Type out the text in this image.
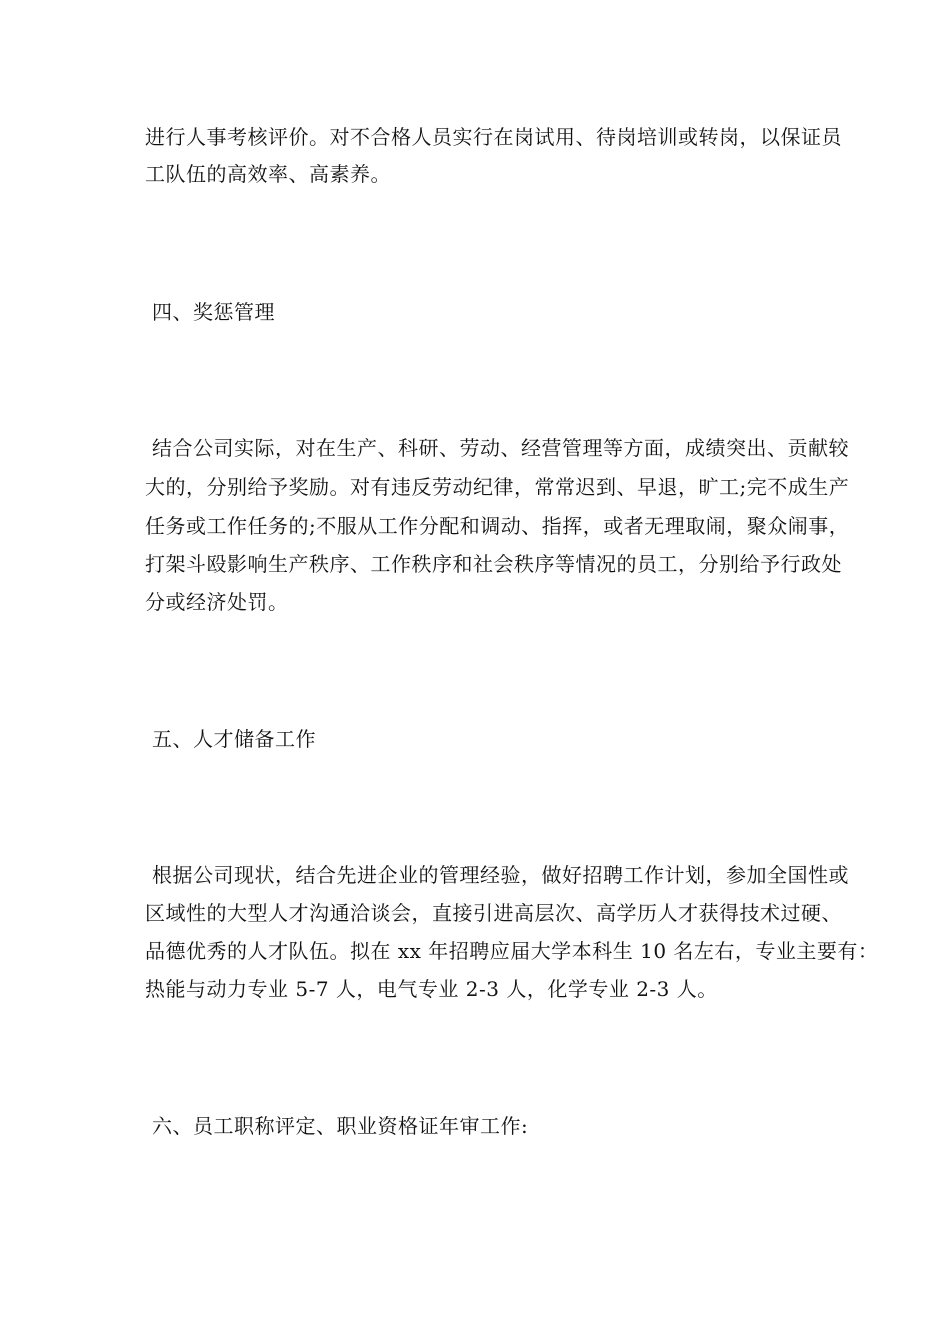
进行人事考核评价。对不合格人员实行在岗试用、待岗培训或转岗，以保证员
工队伍的高效率、高素养。
四、奖惩管理
结合公司实际，对在生产、科研、劳动、经营管理等方面，成绩突出、贡献较
大的，分别给予奖励。对有违反劳动纪律，常常迟到、早退，旷工;完不成生产
任务或工作任务的;不服从工作分配和调动、指挥，或者无理取闹，聚众闹事，
打架斗殴影响生产秩序、工作秩序和社会秩序等情况的员工，分别给予行政处
分或经济处罚。
五、人才储备工作
根据公司现状，结合先进企业的管理经验，做好招聘工作计划，参加全国性或
区域性的大型人才沟通洽谈会，直接引进高层次、高学历人才获得技术过硬、
品德优秀的人才队伍。拟在 xx 年招聘应届大学本科生 10 名左右，专业主要有：
热能与动力专业 5-7 人，电气专业 2-3 人，化学专业 2-3 人。
六、员工职称评定、职业资格证年审工作:
